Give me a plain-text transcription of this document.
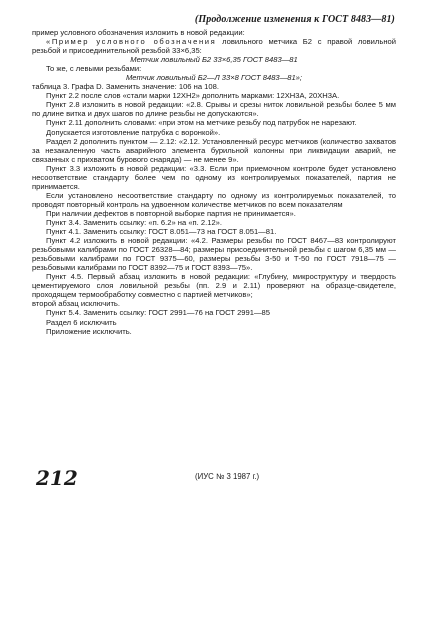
(Продолжение изменения к ГОСТ 8483—81)

пример условного обозначения изложить в новой редакции:

«Пример условного обозначения ловильного метчика Б2 с правой ловильной резьбой и присоединительной резьбой 33×6,35:

Метчик ловильный Б2 33×6,35 ГОСТ 8483—81

То же, с левыми резьбами:

Метчик ловильный Б2—Л 33×8 ГОСТ 8483—81»;

таблица 3. Графа D. Заменить значение: 106 на 108.

Пункт 2.2 после слов «стали марки 12ХН2» дополнить марками: 12ХН3А, 20ХН3А.

Пункт 2.8 изложить в новой редакции: «2.8. Срывы и срезы ниток ловильной резьбы более 5 мм по длине витка и двух шагов по длине резьбы не допускаются».

Пункт 2.11 дополнить словами: «при этом на метчике резьбу под патрубок не нарезают.

Допускается изготовление патрубка с воронкой».

Раздел 2 дополнить пунктом — 2.12: «2.12. Установленный ресурс метчиков (количество захватов за незакаленную часть аварийного элемента бурильной колонны при ликвидации аварий, не связанных с прихватом бурового снаряда) — не менее 9».

Пункт 3.3 изложить в новой редакции: «3.3. Если при приемочном контроле будет установлено несоответствие стандарту более чем по одному из контролируемых показателей, партия не принимается.

Если установлено несоответствие стандарту по одному из контролируемых показателей, то проводят повторный контроль на удвоенном количестве метчиков по всем показателям

При наличии дефектов в повторной выборке партия не принимается».

Пункт 3.4. Заменить ссылку: «п. 6.2» на «п. 2.12».

Пункт 4.1. Заменить ссылку: ГОСТ 8.051—73 на ГОСТ 8.051—81.

Пункт 4.2 изложить в новой редакции: «4.2. Размеры резьбы по ГОСТ 8467—83 контролируют резьбовыми калибрами по ГОСТ 26328—84; размеры присоединительной резьбы с шагом 6,35 мм — резьбовыми калибрами по ГОСТ 9375—60, размеры резьбы З-50 и Т-50 по ГОСТ 7918—75 — резьбовыми калибрами по ГОСТ 8392—75 и ГОСТ 8393—75».

Пункт 4.5. Первый абзац изложить в новой редакции: «Глубину, микроструктуру и твердость цементируемого слоя ловильной резьбы (пп. 2.9 и 2.11) проверяют на образце-свидетеле, проходящем термообработку совместно с партией метчиков»;

второй абзац исключить.

Пункт 5.4. Заменить ссылку: ГОСТ 2991—76 на ГОСТ 2991—85

Раздел 6 исключить

Приложение исключить.

212	(ИУС № 3 1987 г.)
